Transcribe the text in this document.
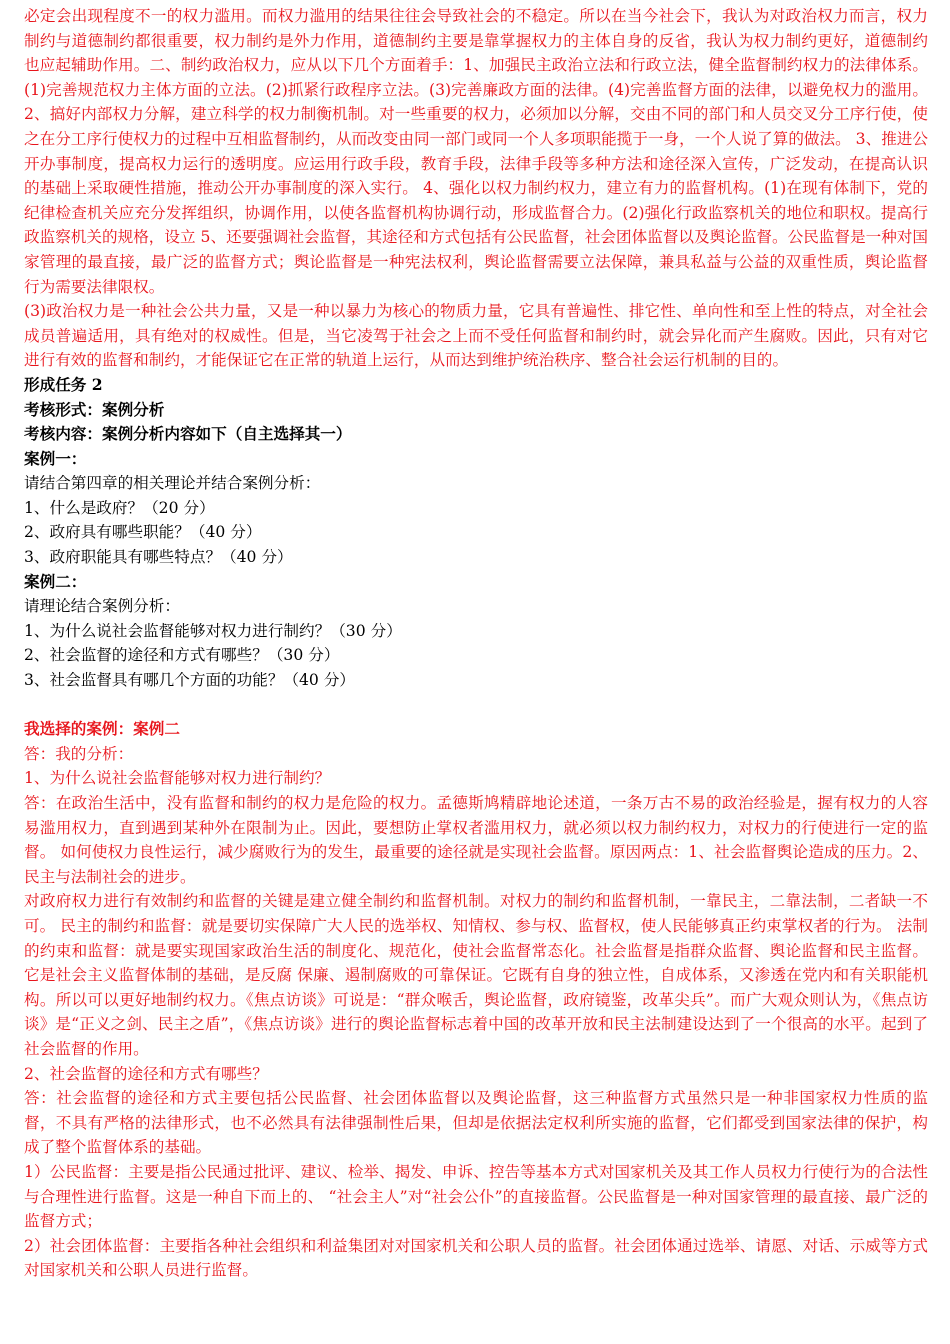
必定会出现程度不一的权力滥用。而权力滥用的结果往往会导致社会的不稳定。所以在当今社会下，我认为对政治权力而言，权力制约与道德制约都很重要，权力制约是外力作用，道德制约主要是靠掌握权力的主体自身的反省，我认为权力制约更好，道德制约也应起辅助作用。二、制约政治权力，应从以下几个方面着手：1、加强民主政治立法和行政立法，健全监督制约权力的法律体系。(1)完善规范权力主体方面的立法。(2)抓紧行政程序立法。(3)完善廉政方面的法律。(4)完善监督方面的法律，以避免权力的滥用。 2、搞好内部权力分解，建立科学的权力制衡机制。对一些重要的权力，必须加以分解，交由不同的部门和人员交叉分工序行使，使之在分工序行使权力的过程中互相监督制约，从而改变由同一部门或同一个人多项职能揽于一身，一个人说了算的做法。 3、推进公开办事制度，提高权力运行的透明度。应运用行政手段，教育手段，法律手段等多种方法和途径深入宣传，广泛发动，在提高认识的基础上采取硬性措施，推动公开办事制度的深入实行。 4、强化以权力制约权力，建立有力的监督机构。(1)在现有体制下，党的纪律检查机关应充分发挥组织，协调作用，以使各监督机构协调行动，形成监督合力。(2)强化行政监察机关的地位和职权。提高行政监察机关的规格，设立 5、还要强调社会监督，其途径和方式包括有公民监督，社会团体监督以及舆论监督。公民监督是一种对国家管理的最直接，最广泛的监督方式；舆论监督是一种宪法权利，舆论监督需要立法保障，兼具私益与公益的双重性质，舆论监督行为需要法律限权。

(3)政治权力是一种社会公共力量，又是一种以暴力为核心的物质力量，它具有普遍性、排它性、单向性和至上性的特点，对全社会成员普遍适用，具有绝对的权威性。但是，当它凌驾于社会之上而不受任何监督和制约时，就会异化而产生腐败。因此，只有对它进行有效的监督和制约，才能保证它在正常的轨道上运行，从而达到维护统治秩序、整合社会运行机制的目的。

形成任务 2

考核形式：案例分析

考核内容：案例分析内容如下（自主选择其一）

案例一：

请结合第四章的相关理论并结合案例分析：

1、什么是政府？（20 分）

2、政府具有哪些职能？（40 分）

3、政府职能具有哪些特点？（40 分）

案例二：

请理论结合案例分析：

1、为什么说社会监督能够对权力进行制约？（30 分）

2、社会监督的途径和方式有哪些？（30 分）

3、社会监督具有哪几个方面的功能？（40 分）

我选择的案例：案例二

答：我的分析：

1、为什么说社会监督能够对权力进行制约？

答：在政治生活中，没有监督和制约的权力是危险的权力。孟德斯鸠精辟地论述道，一条万古不易的政治经验是，握有权力的人容易滥用权力，直到遇到某种外在限制为止。因此，要想防止掌权者滥用权力，就必须以权力制约权力，对权力的行使进行一定的监督。 如何使权力良性运行，减少腐败行为的发生，最重要的途径就是实现社会监督。原因两点：1、社会监督舆论造成的压力。2、民主与法制社会的进步。

对政府权力进行有效制约和监督的关键是建立健全制约和监督机制。对权力的制约和监督机制，一靠民主，二靠法制，二者缺一不可。 民主的制约和监督：就是要切实保障广大人民的选举权、知情权、参与权、监督权，使人民能够真正约束掌权者的行为。 法制的约束和监督：就是要实现国家政治生活的制度化、规范化，使社会监督常态化。社会监督是指群众监督、舆论监督和民主监督。它是社会主义监督体制的基础，是反腐 保廉、遏制腐败的可靠保证。它既有自身的独立性，自成体系，又渗透在党内和有关职能机 构。所以可以更好地制约权力。《焦点访谈》可说是：“群众喉舌，舆论监督，政府镜鉴，改革尖兵”。而广大观众则认为，《焦点访谈》是“正义之剑、民主之盾”，《焦点访谈》进行的舆论监督标志着中国的改革开放和民主法制建设达到了一个很高的水平。起到了社会监督的作用。

2、社会监督的途径和方式有哪些？

答：社会监督的途径和方式主要包括公民监督、社会团体监督以及舆论监督，这三种监督方式虽然只是一种非国家权力性质的监督，不具有严格的法律形式，也不必然具有法律强制性后果，但却是依据法定权利所实施的监督，它们都受到国家法律的保护，构成了整个监督体系的基础。

1）公民监督：主要是指公民通过批评、建议、检举、揭发、申诉、控告等基本方式对国家机关及其工作人员权力行使行为的合法性与合理性进行监督。这是一种自下而上的、 “社会主人”对“社会公仆”的直接监督。公民监督是一种对国家管理的最直接、最广泛的监督方式；

2）社会团体监督：主要指各种社会组织和利益集团对对国家机关和公职人员的监督。社会团体通过选举、请愿、对话、示威等方式对国家机关和公职人员进行监督。
